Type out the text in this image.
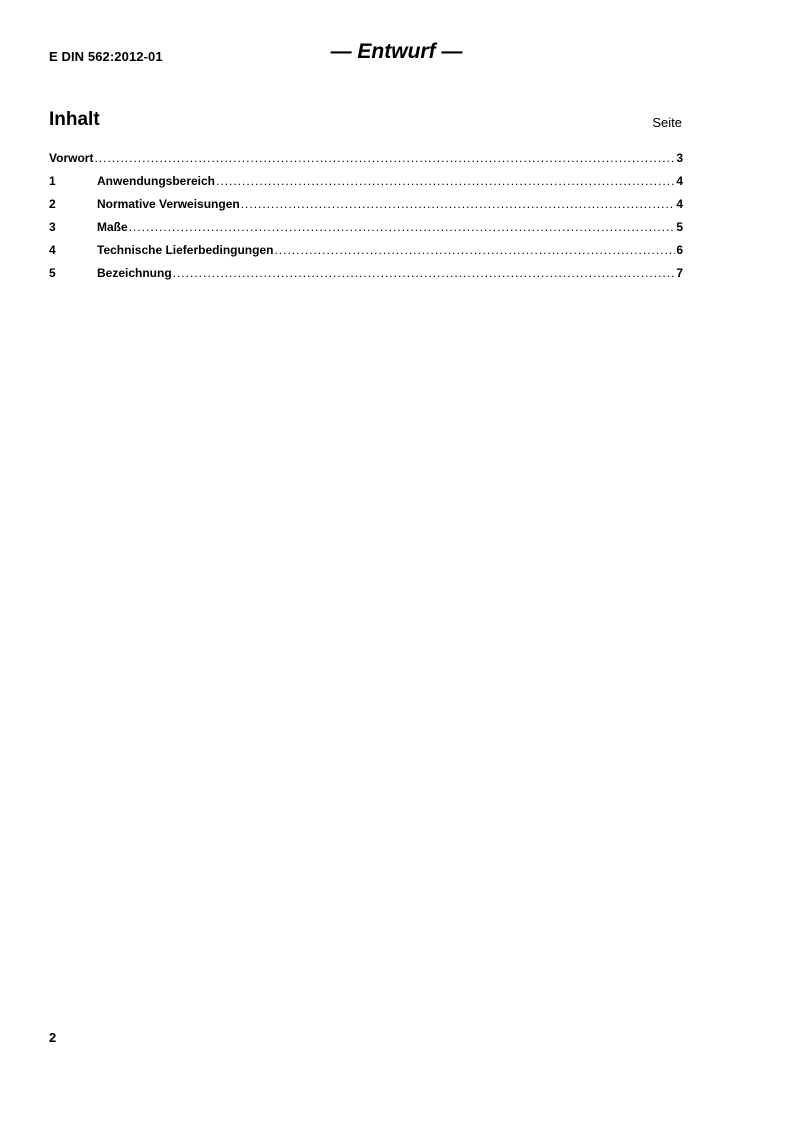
E DIN 562:2012-01	— Entwurf —
Inhalt	Seite
Vorwort .....	3
1	Anwendungsbereich .....	4
2	Normative Verweisungen .....	4
3	Maße .....	5
4	Technische Lieferbedingungen .....	6
5	Bezeichnung .....	7
2
